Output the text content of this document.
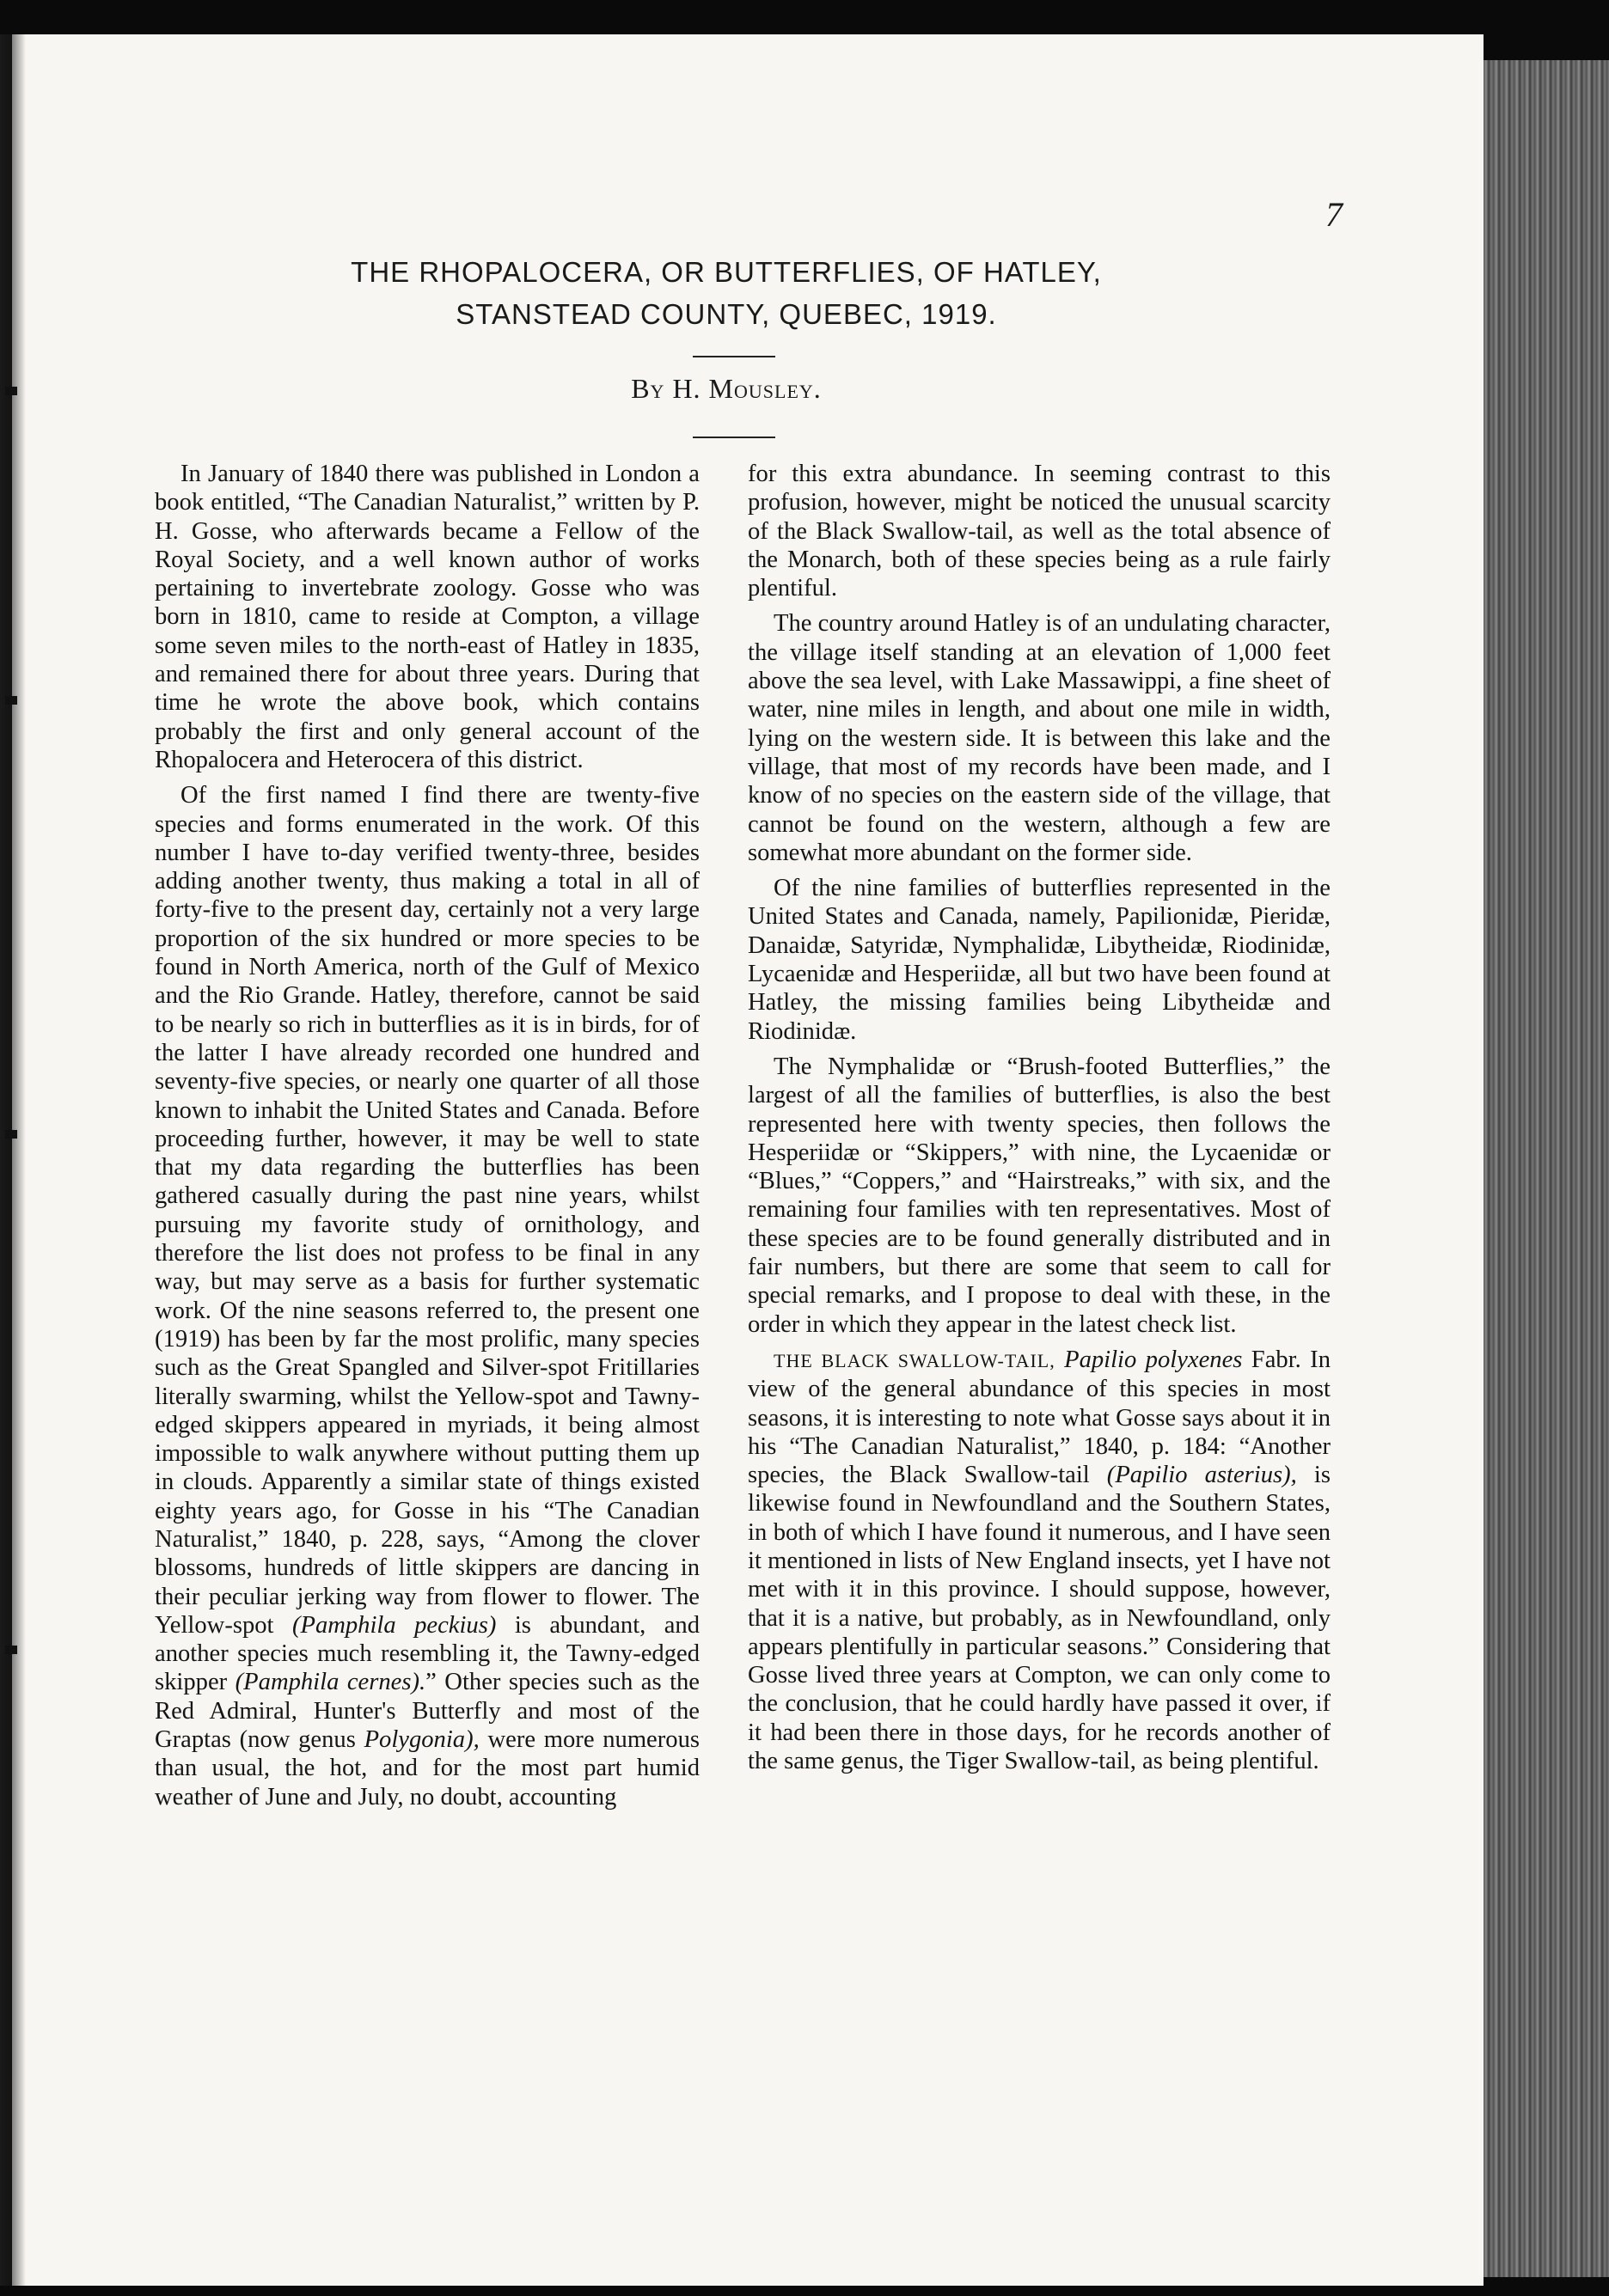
7

THE RHOPALOCERA, OR BUTTERFLIES, OF HATLEY,
STANSTEAD COUNTY, QUEBEC, 1919.

By H. Mousley.

In January of 1840 there was published in London a book entitled, “The Canadian Naturalist,” written by P. H. Gosse, who afterwards became a Fellow of the Royal Society, and a well known author of works pertaining to invertebrate zoology. Gosse who was born in 1810, came to reside at Compton, a village some seven miles to the north-east of Hatley in 1835, and remained there for about three years. During that time he wrote the above book, which contains probably the first and only general account of the Rhopalocera and Heterocera of this district.

Of the first named I find there are twenty-five species and forms enumerated in the work. Of this number I have to-day verified twenty-three, besides adding another twenty, thus making a total in all of forty-five to the present day, certainly not a very large proportion of the six hundred or more species to be found in North America, north of the Gulf of Mexico and the Rio Grande. Hatley, therefore, cannot be said to be nearly so rich in butterflies as it is in birds, for of the latter I have already recorded one hundred and seventy-five species, or nearly one quarter of all those known to inhabit the United States and Canada. Before proceeding further, however, it may be well to state that my data regarding the butterflies has been gathered casually during the past nine years, whilst pursuing my favorite study of ornithology, and therefore the list does not profess to be final in any way, but may serve as a basis for further systematic work. Of the nine seasons referred to, the present one (1919) has been by far the most prolific, many species such as the Great Spangled and Silver-spot Fritillaries literally swarming, whilst the Yellow-spot and Tawny-edged skippers appeared in myriads, it being almost impossible to walk anywhere without putting them up in clouds. Apparently a similar state of things existed eighty years ago, for Gosse in his “The Canadian Naturalist,” 1840, p. 228, says, “Among the clover blossoms, hundreds of little skippers are dancing in their peculiar jerking way from flower to flower. The Yellow-spot (Pamphila peckius) is abundant, and another species much resembling it, the Tawny-edged skipper (Pamphila cernes).” Other species such as the Red Admiral, Hunter's Butterfly and most of the Graptas (now genus Polygonia), were more numerous than usual, the hot, and for the most part humid weather of June and July, no doubt, accounting

for this extra abundance. In seeming contrast to this profusion, however, might be noticed the unusual scarcity of the Black Swallow-tail, as well as the total absence of the Monarch, both of these species being as a rule fairly plentiful.

The country around Hatley is of an undulating character, the village itself standing at an elevation of 1,000 feet above the sea level, with Lake Massawippi, a fine sheet of water, nine miles in length, and about one mile in width, lying on the western side. It is between this lake and the village, that most of my records have been made, and I know of no species on the eastern side of the village, that cannot be found on the western, although a few are somewhat more abundant on the former side.

Of the nine families of butterflies represented in the United States and Canada, namely, Papilionidæ, Pieridæ, Danaidæ, Satyridæ, Nymphalidæ, Libytheidæ, Riodinidæ, Lycaenidæ and Hesperiidæ, all but two have been found at Hatley, the missing families being Libytheidæ and Riodinidæ.

The Nymphalidæ or “Brush-footed Butterflies,” the largest of all the families of butterflies, is also the best represented here with twenty species, then follows the Hesperiidæ or “Skippers,” with nine, the Lycaenidæ or “Blues,” “Coppers,” and “Hairstreaks,” with six, and the remaining four families with ten representatives. Most of these species are to be found generally distributed and in fair numbers, but there are some that seem to call for special remarks, and I propose to deal with these, in the order in which they appear in the latest check list.

THE BLACK SWALLOW-TAIL, Papilio polyxenes Fabr. In view of the general abundance of this species in most seasons, it is interesting to note what Gosse says about it in his “The Canadian Naturalist,” 1840, p. 184: “Another species, the Black Swallow-tail (Papilio asterius), is likewise found in Newfoundland and the Southern States, in both of which I have found it numerous, and I have seen it mentioned in lists of New England insects, yet I have not met with it in this province. I should suppose, however, that it is a native, but probably, as in Newfoundland, only appears plentifully in particular seasons.” Considering that Gosse lived three years at Compton, we can only come to the conclusion, that he could hardly have passed it over, if it had been there in those days, for he records another of the same genus, the Tiger Swallow-tail, as being plentiful.
